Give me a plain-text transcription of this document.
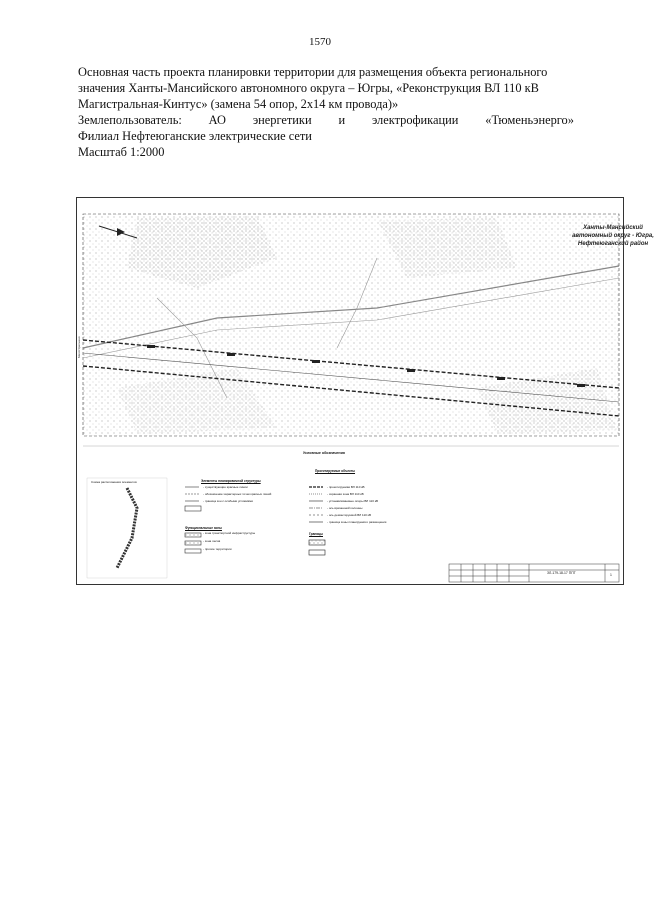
1570

Основная часть проекта планировки территории для размещения объекта регионального

значения Ханты-Мансийского автономного округа – Югры, «Реконструкция ВЛ 110 кВ

Магистральная-Кинтус» (замена 54 опор, 2х14 км провода)»

Землепользователь: АО энергетики и электрофикации «Тюменьэнерго»

Филиал Нефтеюганские электрические сети

Масштаб 1:2000

Магистральная
Ханты-Мансийский автономный округ - Югра, Нефтеюганский район
Условные обозначения
Схема расположения элементов	Элементы планировочной структуры
- существующие красные линии
- обозначение характерных точек красных линий
- граница зон с особыми условиями
Функциональные зоны
- зона транспортной инфраструктуры
- зона лесов
- прочие территории
Проектируемые объекты
- проектируемая ВЛ 110 кВ
- охранная зона ВЛ 110 кВ
- устанавливаемые опоры ВЛ 110 кВ
- ось временной колонны
- ось демонтируемой ВЛ 110 кВ
- граница зоны планируемого размещения
Границы
ЗЛ-179-18-17 ППТ	1
